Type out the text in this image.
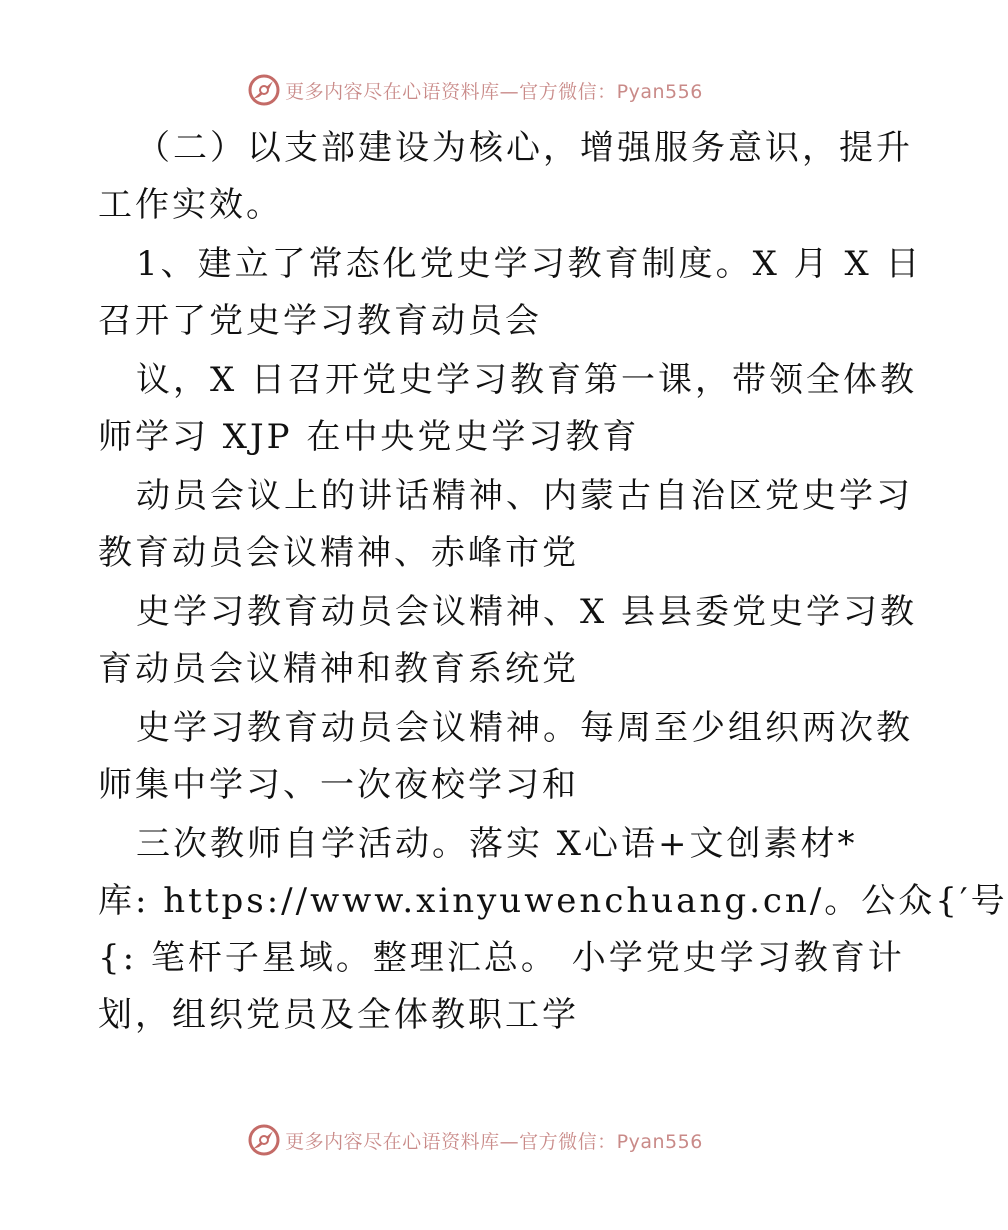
更多内容尽在心语资料库—官方微信：Pyan556
（二）以支部建设为核心，增强服务意识，提升
工作实效。
1、建立了常态化党史学习教育制度。X 月 X 日
召开了党史学习教育动员会
议，X 日召开党史学习教育第一课，带领全体教
师学习 XJP 在中央党史学习教育
动员会议上的讲话精神、内蒙古自治区党史学习
教育动员会议精神、赤峰市党
史学习教育动员会议精神、X 县县委党史学习教
育动员会议精神和教育系统党
史学习教育动员会议精神。每周至少组织两次教
师集中学习、一次夜校学习和
三次教师自学活动。落实 X心语+文创素材*
库: https://www.xinyuwenchuang.cn/。公众{′号
{: 笔杆子星域。整理汇总。 小学党史学习教育计
划，组织党员及全体教职工学
更多内容尽在心语资料库—官方微信：Pyan556
